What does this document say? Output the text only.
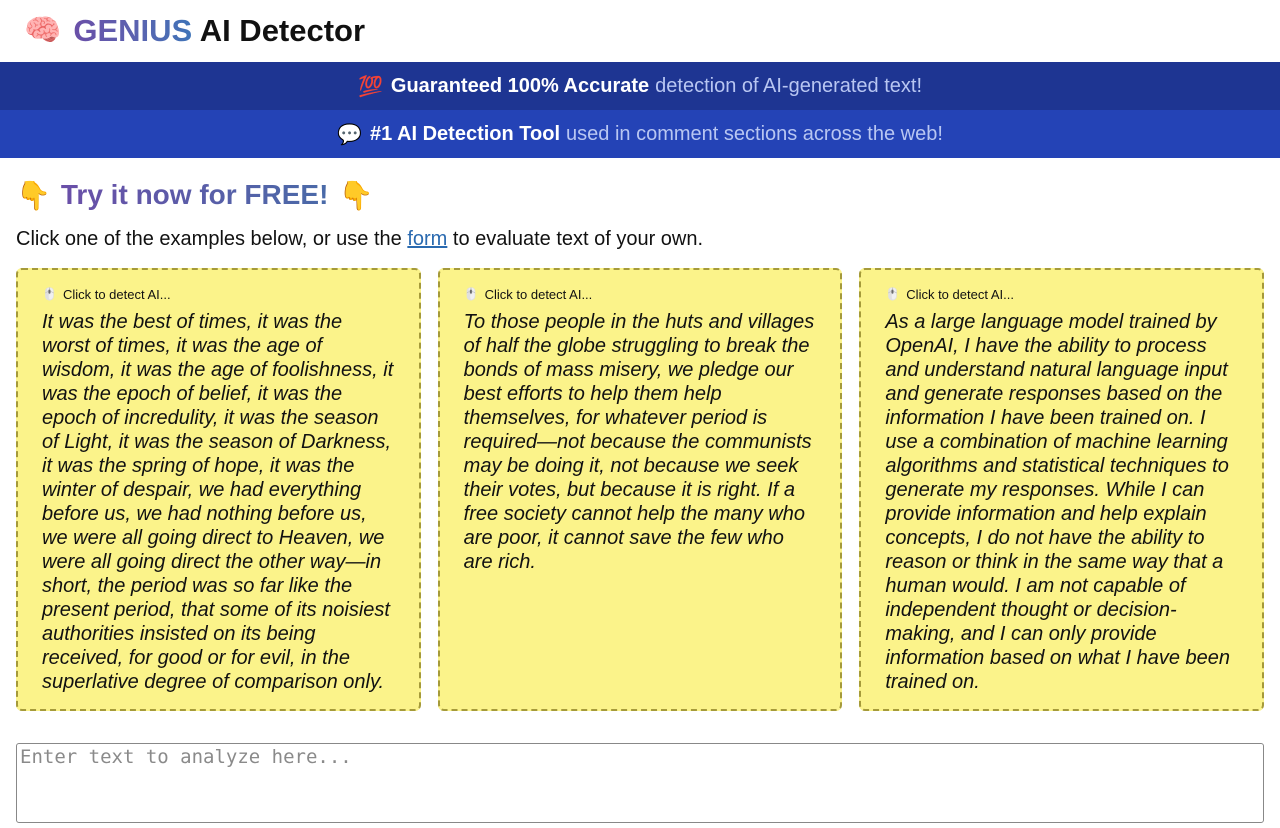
🧠 GENIUS AI Detector
💯 Guaranteed 100% Accurate detection of AI-generated text!
💬 #1 AI Detection Tool used in comment sections across the web!
👇 Try it now for FREE! 👇
Click one of the examples below, or use the form to evaluate text of your own.
🖱️ Click to detect AI...
It was the best of times, it was the worst of times, it was the age of wisdom, it was the age of foolishness, it was the epoch of belief, it was the epoch of incredulity, it was the season of Light, it was the season of Darkness, it was the spring of hope, it was the winter of despair, we had everything before us, we had nothing before us, we were all going direct to Heaven, we were all going direct the other way—in short, the period was so far like the present period, that some of its noisiest authorities insisted on its being received, for good or for evil, in the superlative degree of comparison only.
🖱️ Click to detect AI...
To those people in the huts and villages of half the globe struggling to break the bonds of mass misery, we pledge our best efforts to help them help themselves, for whatever period is required—not because the communists may be doing it, not because we seek their votes, but because it is right. If a free society cannot help the many who are poor, it cannot save the few who are rich.
🖱️ Click to detect AI...
As a large language model trained by OpenAI, I have the ability to process and understand natural language input and generate responses based on the information I have been trained on. I use a combination of machine learning algorithms and statistical techniques to generate my responses. While I can provide information and help explain concepts, I do not have the ability to reason or think in the same way that a human would. I am not capable of independent thought or decision-making, and I can only provide information based on what I have been trained on.
Enter text to analyze here...
